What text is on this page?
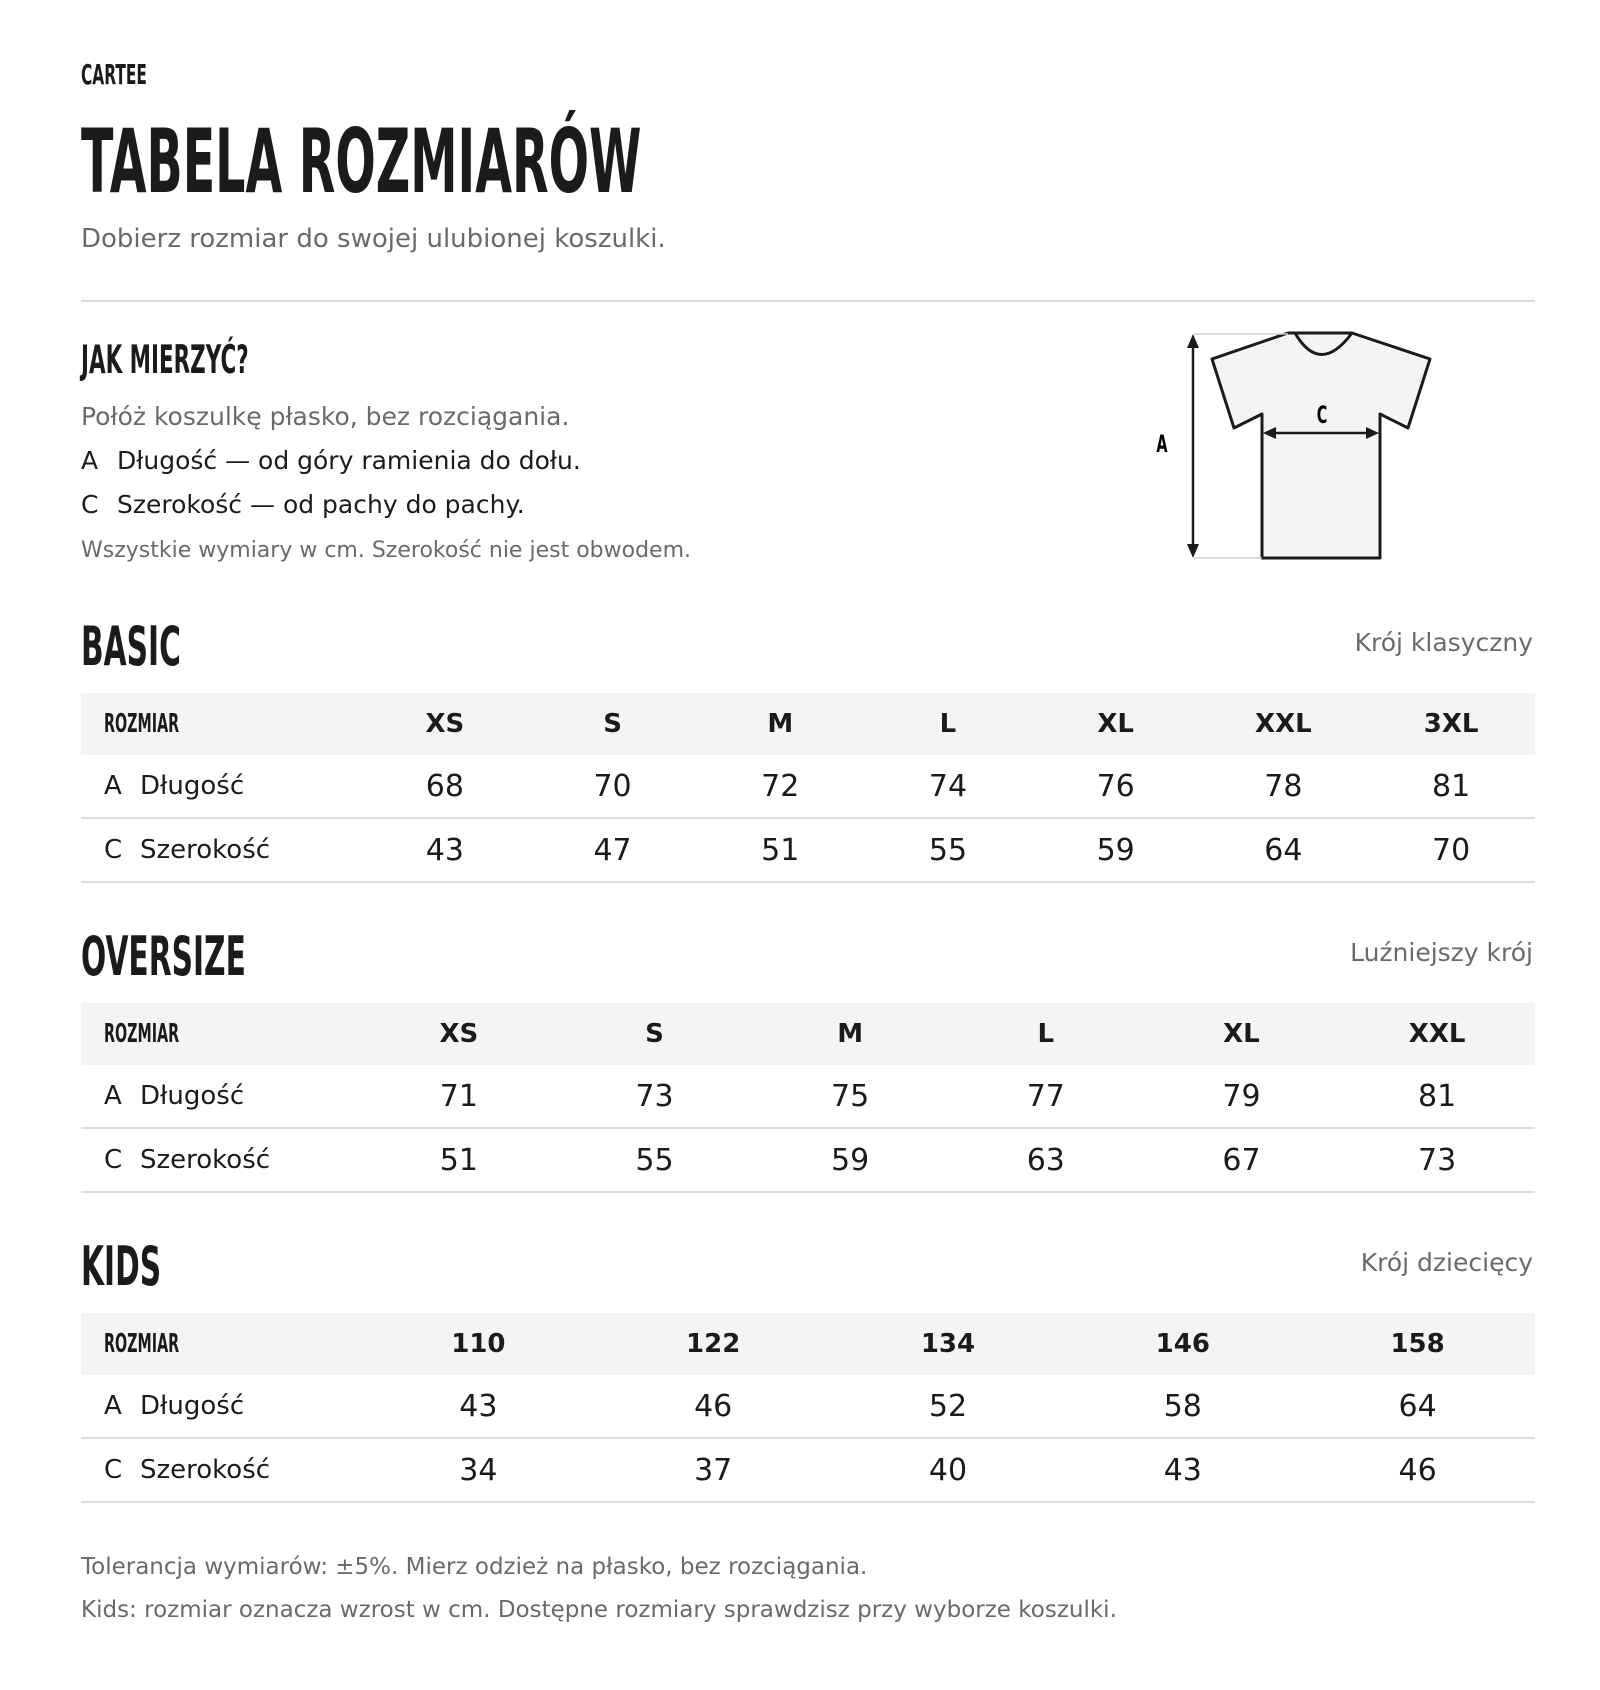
CARTEE
TABELA ROZMIARÓW
Dobierz rozmiar do swojej ulubionej koszulki.
JAK MIERZYĆ?
Połóż koszulkę płasko, bez rozciągania.
A Długość — od góry ramienia do dołu.
C Szerokość — od pachy do pachy.
Wszystkie wymiary w cm. Szerokość nie jest obwodem.
A
C
BASIC	Krój klasyczny
ROZMIAR	XS	S	M	L	XL	XXL	3XL
A Długość	68	70	72	74	76	78	81
C Szerokość	43	47	51	55	59	64	70
OVERSIZE	Luźniejszy krój
ROZMIAR	XS	S	M	L	XL	XXL
A Długość	71	73	75	77	79	81
C Szerokość	51	55	59	63	67	73
KIDS	Krój dziecięcy
ROZMIAR	110	122	134	146	158
A Długość	43	46	52	58	64
C Szerokość	34	37	40	43	46
Tolerancja wymiarów: ±5%. Mierz odzież na płasko, bez rozciągania.
Kids: rozmiar oznacza wzrost w cm. Dostępne rozmiary sprawdzisz przy wyborze koszulki.
